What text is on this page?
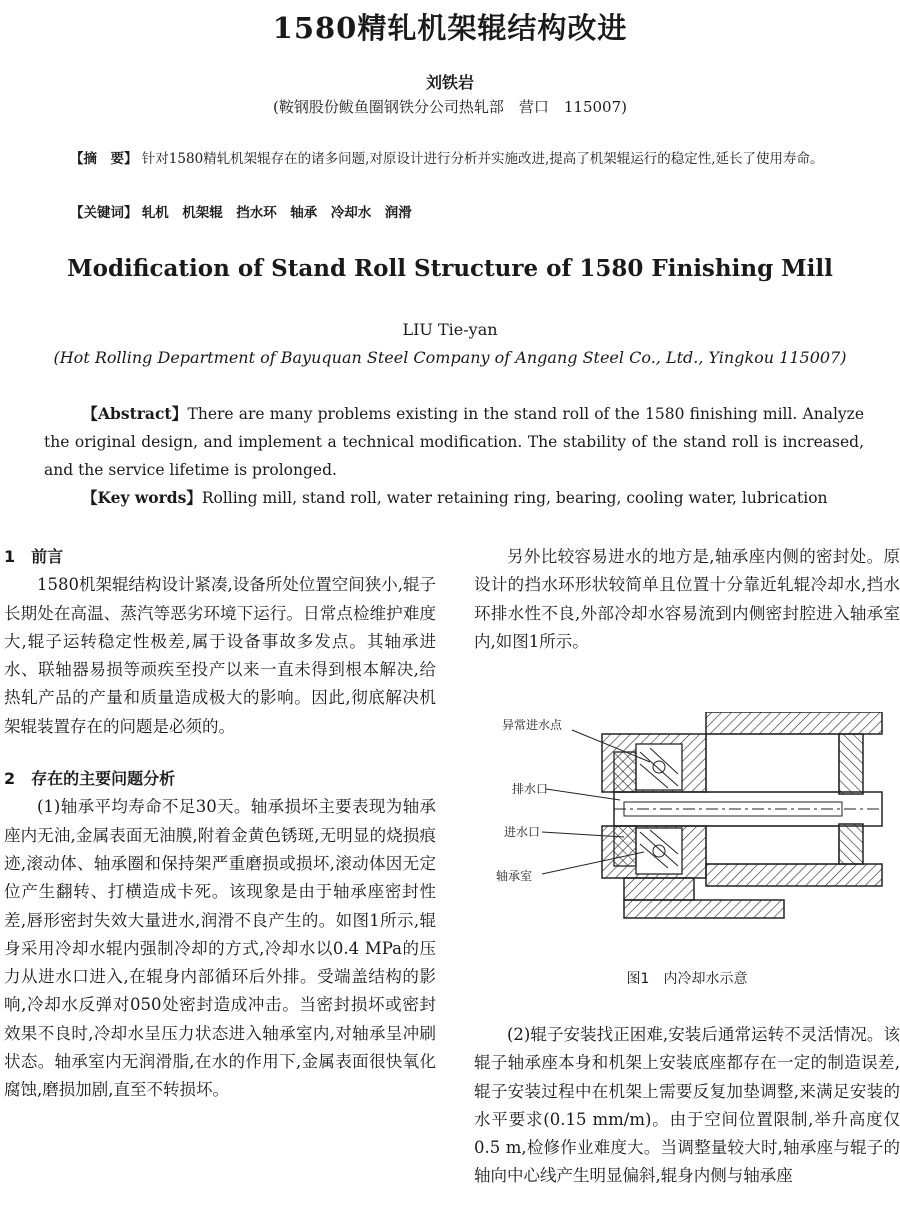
1580精轧机架辊结构改进
刘铁岩
(鞍钢股份鲅鱼圈钢铁分公司热轧部　营口　115007)
【摘　要】 针对1580精轧机架辊存在的诸多问题,对原设计进行分析并实施改进,提高了机架辊运行的稳定性,延长了使用寿命。
【关键词】 轧机　机架辊　挡水环　轴承　冷却水　润滑
Modification of Stand Roll Structure of 1580 Finishing Mill
LIU Tie-yan
(Hot Rolling Department of Bayuquan Steel Company of Angang Steel Co., Ltd., Yingkou 115007)
【Abstract】There are many problems existing in the stand roll of the 1580 finishing mill. Analyze the original design, and implement a technical modification. The stability of the stand roll is increased, and the service lifetime is prolonged.
【Key words】Rolling mill, stand roll, water retaining ring, bearing, cooling water, lubrication
1　前言

1580机架辊结构设计紧凑,设备所处位置空间狭小,辊子长期处在高温、蒸汽等恶劣环境下运行。日常点检维护难度大,辊子运转稳定性极差,属于设备事故多发点。其轴承进水、联轴器易损等顽疾至投产以来一直未得到根本解决,给热轧产品的产量和质量造成极大的影响。因此,彻底解决机架辊装置存在的问题是必须的。

2　存在的主要问题分析

(1)轴承平均寿命不足30天。轴承损坏主要表现为轴承座内无油,金属表面无油膜,附着金黄色锈斑,无明显的烧损痕迹,滚动体、轴承圈和保持架严重磨损或损坏,滚动体因无定位产生翻转、打横造成卡死。该现象是由于轴承座密封性差,唇形密封失效大量进水,润滑不良产生的。如图1所示,辊身采用冷却水辊内强制冷却的方式,冷却水以0.4 MPa的压力从进水口进入,在辊身内部循环后外排。受端盖结构的影响,冷却水反弹对050处密封造成冲击。当密封损坏或密封效果不良时,冷却水呈压力状态进入轴承室内,对轴承呈冲刷状态。轴承室内无润滑脂,在水的作用下,金属表面很快氧化腐蚀,磨损加剧,直至不转损坏。

另外比较容易进水的地方是,轴承座内侧的密封处。原设计的挡水环形状较简单且位置十分靠近轧辊冷却水,挡水环排水性不良,外部冷却水容易流到内侧密封腔进入轴承室内,如图1所示。

异常进水点
排水口
进水口
轴承室
图1　内冷却水示意

(2)辊子安装找正困难,安装后通常运转不灵活情况。该辊子轴承座本身和机架上安装底座都存在一定的制造误差,辊子安装过程中在机架上需要反复加垫调整,来满足安装的水平要求(0.15 mm/m)。由于空间位置限制,举升高度仅0.5 m,检修作业难度大。当调整量较大时,轴承座与辊子的轴向中心线产生明显偏斜,辊身内侧与轴承座
